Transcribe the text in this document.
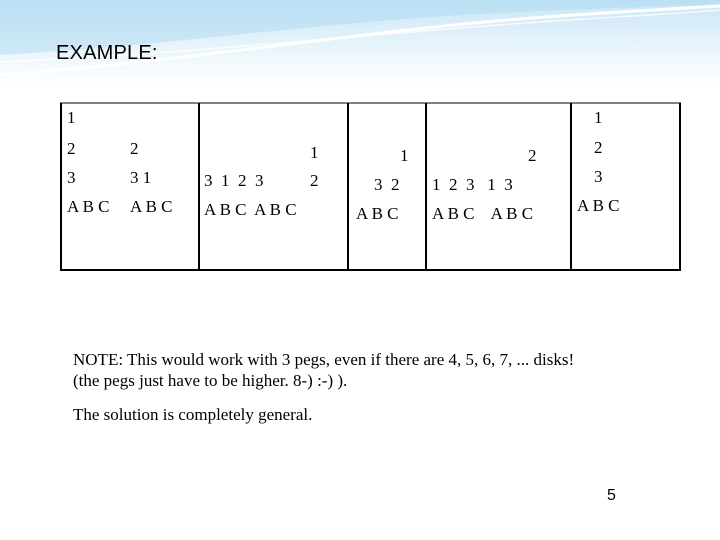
EXAMPLE:
1
2
3
A B C
2
3 1
A B C
3  1  2  3
A B C  A B C
1
2
1
3  2
A B C
2
1  2  3   1  3
A B C    A B C
1
2
3
A B C
NOTE: This would work with 3 pegs, even if there are 4, 5, 6, 7, ... disks!
(the pegs just have to be higher. 8-) :-) ).
The solution is completely general.
5
